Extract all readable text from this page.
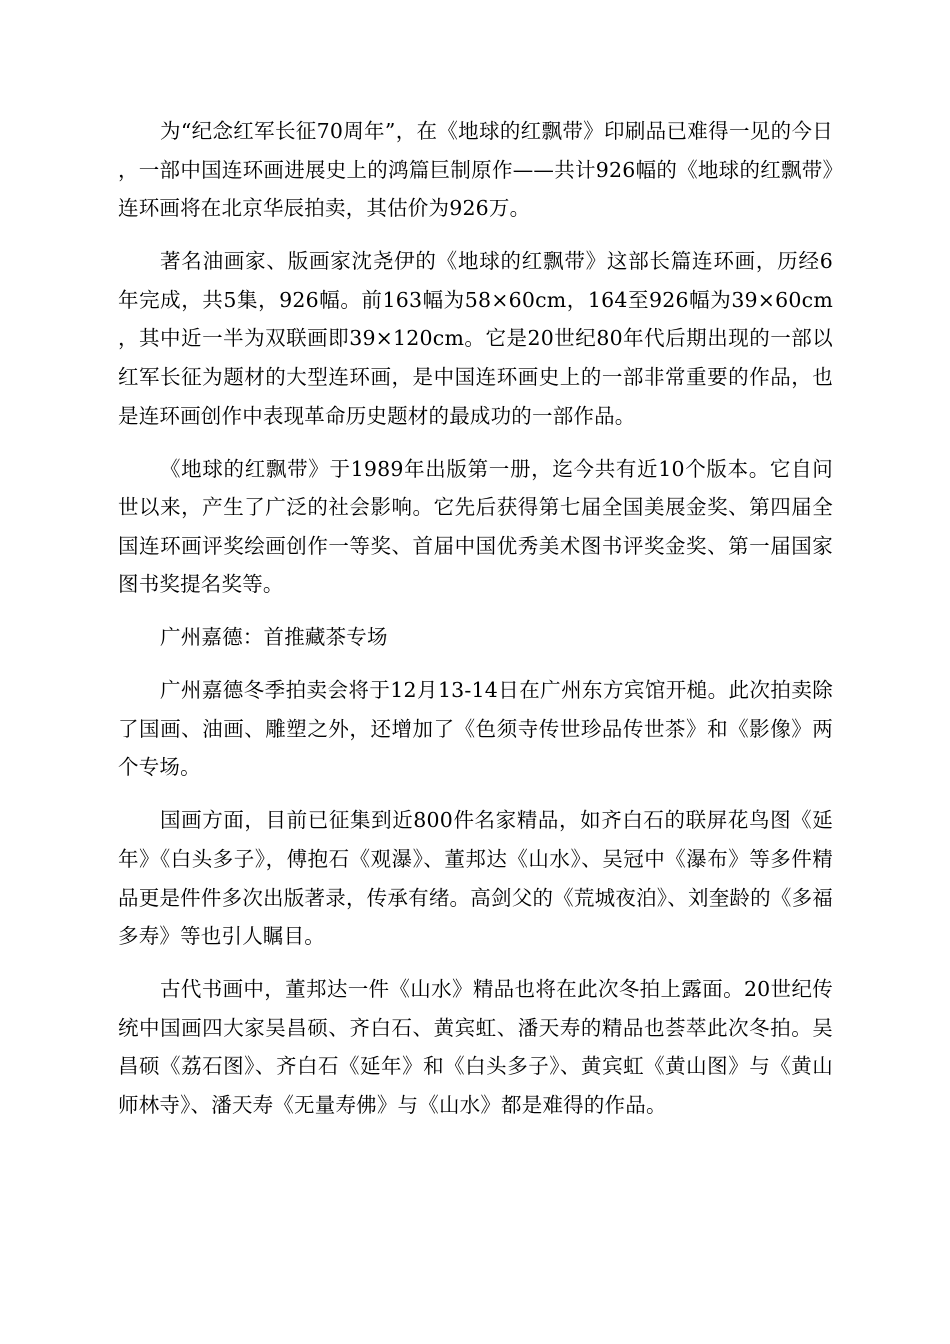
为“纪念红军长征70周年”，在《地球的红飘带》印刷品已难得一见的今日，一部中国连环画进展史上的鸿篇巨制原作——共计926幅的《地球的红飘带》连环画将在北京华辰拍卖，其估价为926万。

著名油画家、版画家沈尧伊的《地球的红飘带》这部长篇连环画，历经6年完成，共5集，926幅。前163幅为58×60cm，164至926幅为39×60cm，其中近一半为双联画即39×120cm。它是20世纪80年代后期出现的一部以红军长征为题材的大型连环画，是中国连环画史上的一部非常重要的作品，也是连环画创作中表现革命历史题材的最成功的一部作品。

《地球的红飘带》于1989年出版第一册，迄今共有近10个版本。它自问世以来，产生了广泛的社会影响。它先后获得第七届全国美展金奖、第四届全国连环画评奖绘画创作一等奖、首届中国优秀美术图书评奖金奖、第一届国家图书奖提名奖等。

广州嘉德：首推藏茶专场

广州嘉德冬季拍卖会将于12月13-14日在广州东方宾馆开槌。此次拍卖除了国画、油画、雕塑之外，还增加了《色须寺传世珍品传世茶》和《影像》两个专场。

国画方面，目前已征集到近800件名家精品，如齐白石的联屏花鸟图《延年》《白头多子》，傅抱石《观瀑》、董邦达《山水》、吴冠中《瀑布》等多件精品更是件件多次出版著录，传承有绪。高剑父的《荒城夜泊》、刘奎龄的《多福多寿》等也引人瞩目。

古代书画中，董邦达一件《山水》精品也将在此次冬拍上露面。20世纪传统中国画四大家吴昌硕、齐白石、黄宾虹、潘天寿的精品也荟萃此次冬拍。吴昌硕《荔石图》、齐白石《延年》和《白头多子》、黄宾虹《黄山图》与《黄山师林寺》、潘天寿《无量寿佛》与《山水》都是难得的作品。
